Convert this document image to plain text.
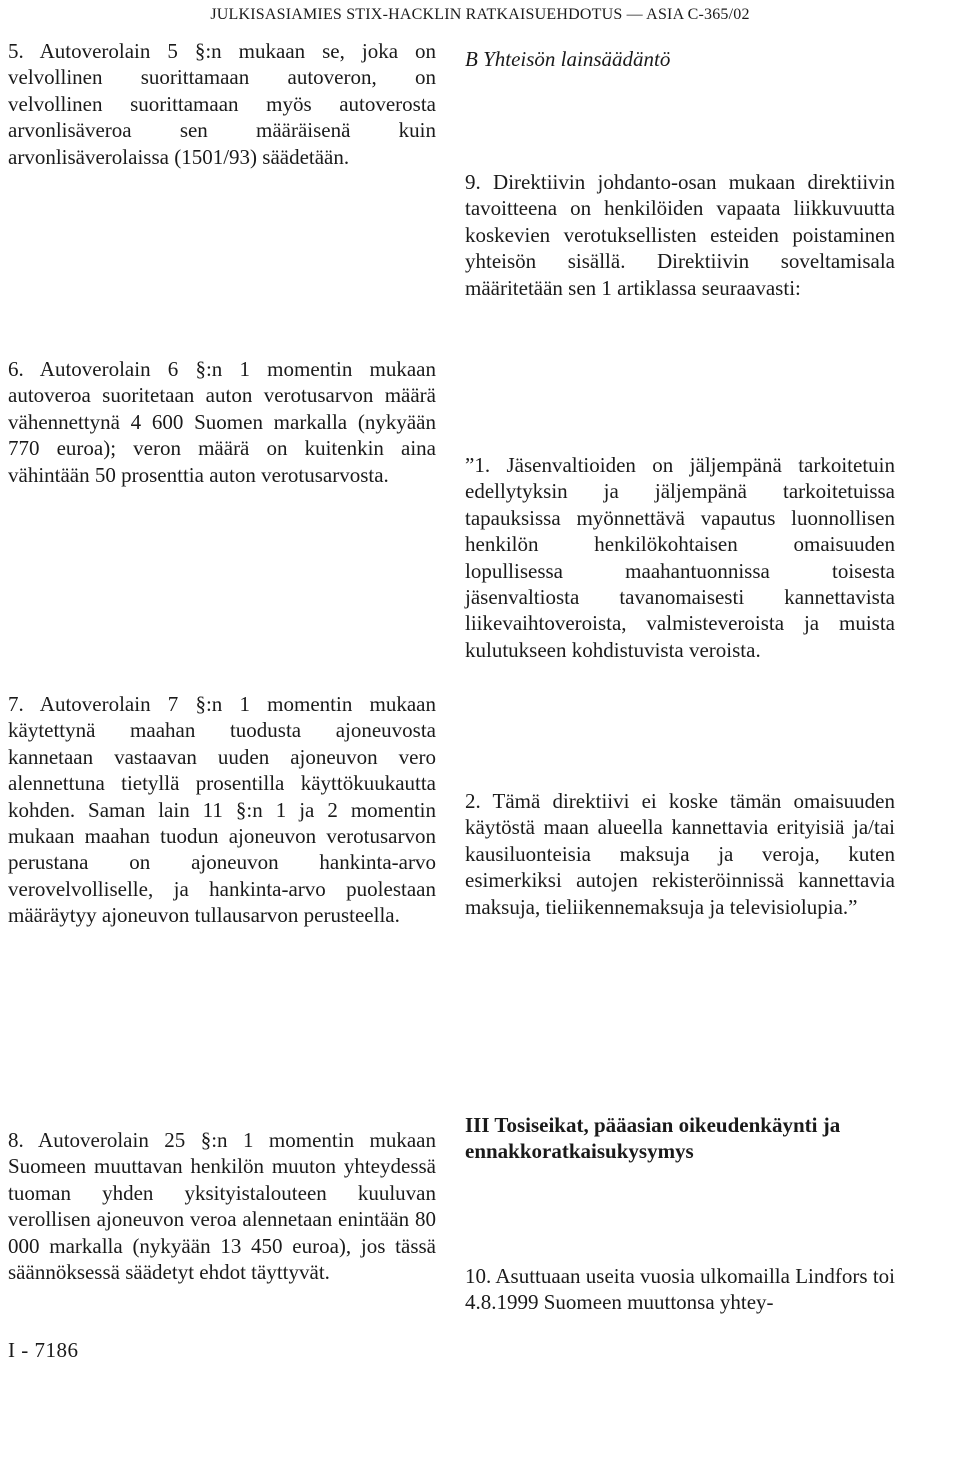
JULKISASIAMIES STIX-HACKLIN RATKAISUEHDOTUS — ASIA C-365/02

5. Autoverolain 5 §:n mukaan se, joka on velvollinen suorittamaan autoveron, on velvollinen suorittamaan myös autoverosta arvonlisäveroa sen määräisenä kuin arvonlisäverolaissa (1501/93) säädetään.

6. Autoverolain 6 §:n 1 momentin mukaan autoveroa suoritetaan auton verotusarvon määrä vähennettynä 4 600 Suomen markalla (nykyään 770 euroa); veron määrä on kuitenkin aina vähintään 50 prosenttia auton verotusarvosta.

7. Autoverolain 7 §:n 1 momentin mukaan käytettynä maahan tuodusta ajoneuvosta kannetaan vastaavan uuden ajoneuvon vero alennettuna tietyllä prosentilla käyttökuukautta kohden. Saman lain 11 §:n 1 ja 2 momentin mukaan maahan tuodun ajoneuvon verotusarvon perustana on ajoneuvon hankinta-arvo verovelvolliselle, ja hankinta-arvo puolestaan määräytyy ajoneuvon tullausarvon perusteella.

8. Autoverolain 25 §:n 1 momentin mukaan Suomeen muuttavan henkilön muuton yhteydessä tuoman yhden yksityistalouteen kuuluvan verollisen ajoneuvon veroa alennetaan enintään 80 000 markalla (nykyään 13 450 euroa), jos tässä säännöksessä säädetyt ehdot täyttyvät.

B Yhteisön lainsäädäntö

9. Direktiivin johdanto-osan mukaan direktiivin tavoitteena on henkilöiden vapaata liikkuvuutta koskevien verotuksellisten esteiden poistaminen yhteisön sisällä. Direktiivin soveltamisala määritetään sen 1 artiklassa seuraavasti:

”1. Jäsenvaltioiden on jäljempänä tarkoitetuin edellytyksin ja jäljempänä tarkoitetuissa tapauksissa myönnettävä vapautus luonnollisen henkilön henkilökohtaisen omaisuuden lopullisessa maahantuonnissa toisesta jäsenvaltiosta tavanomaisesti kannettavista liikevaihtoveroista, valmisteveroista ja muista kulutukseen kohdistuvista veroista.

2. Tämä direktiivi ei koske tämän omaisuuden käytöstä maan alueella kannettavia erityisiä ja/tai kausiluonteisia maksuja ja veroja, kuten esimerkiksi autojen rekisteröinnissä kannettavia maksuja, tieliikennemaksuja ja televisiolupia.”

III Tosiseikat, pääasian oikeudenkäynti ja ennakkoratkaisukysymys

10. Asuttuaan useita vuosia ulkomailla Lindfors toi 4.8.1999 Suomeen muuttonsa yhtey-

I - 7186
